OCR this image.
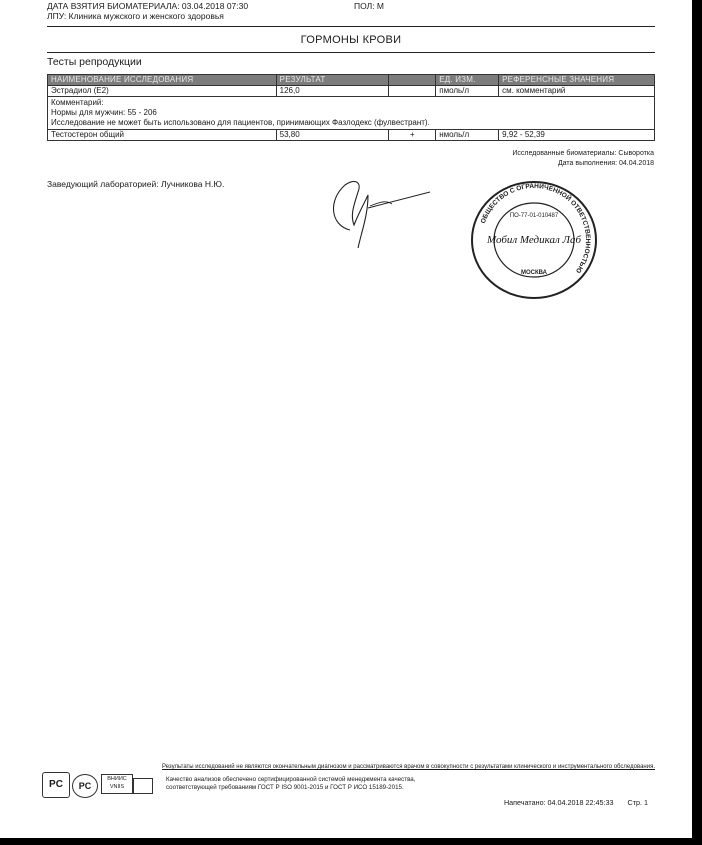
ДАТА ВЗЯТИЯ БИОМАТЕРИАЛА: 03.04.2018 07:30	ПОЛ: М
ЛПУ: Клиника мужского и женского здоровья
ГОРМОНЫ КРОВИ
Тесты репродукции
НАИМЕНОВАНИЕ ИССЛЕДОВАНИЯ	РЕЗУЛЬТАТ		ЕД. ИЗМ.	РЕФЕРЕНСНЫЕ ЗНАЧЕНИЯ
Эстрадиол (E2)	126,0		пмоль/л	см. комментарий

Комментарий:
Нормы для мужчин: 55 - 206
Исследование не может быть использовано для пациентов, принимающих Фазлодекс (фулвестрант).				

Тестостерон общий	53,80	+	нмоль/л	9,92 - 52,39
Исследованные биоматериалы: Сыворотка
Дата выполнения: 04.04.2018
Заведующий лабораторией: Лучникова Н.Ю.
ОБЩЕСТВО С ОГРАНИЧЕННОЙ ОТВЕТСТВЕННОСТЬЮ
МОСКВА
ПО-77-01-010487
Мобил Медикал Лаб
Результаты исследований не являются окончательным диагнозом и рассматриваются врачом в совокупности с результатами клинического и инструментального обследования.
PC	PC
ВНИИС
VNIIS
Качество анализов обеспечено сертифицированной системой менеджмента качества,
соответствующей требованиям ГОСТ Р ISO 9001-2015 и ГОСТ Р ИСО 15189-2015.
Напечатано: 04.04.2018 22:45:33 Стр. 1
